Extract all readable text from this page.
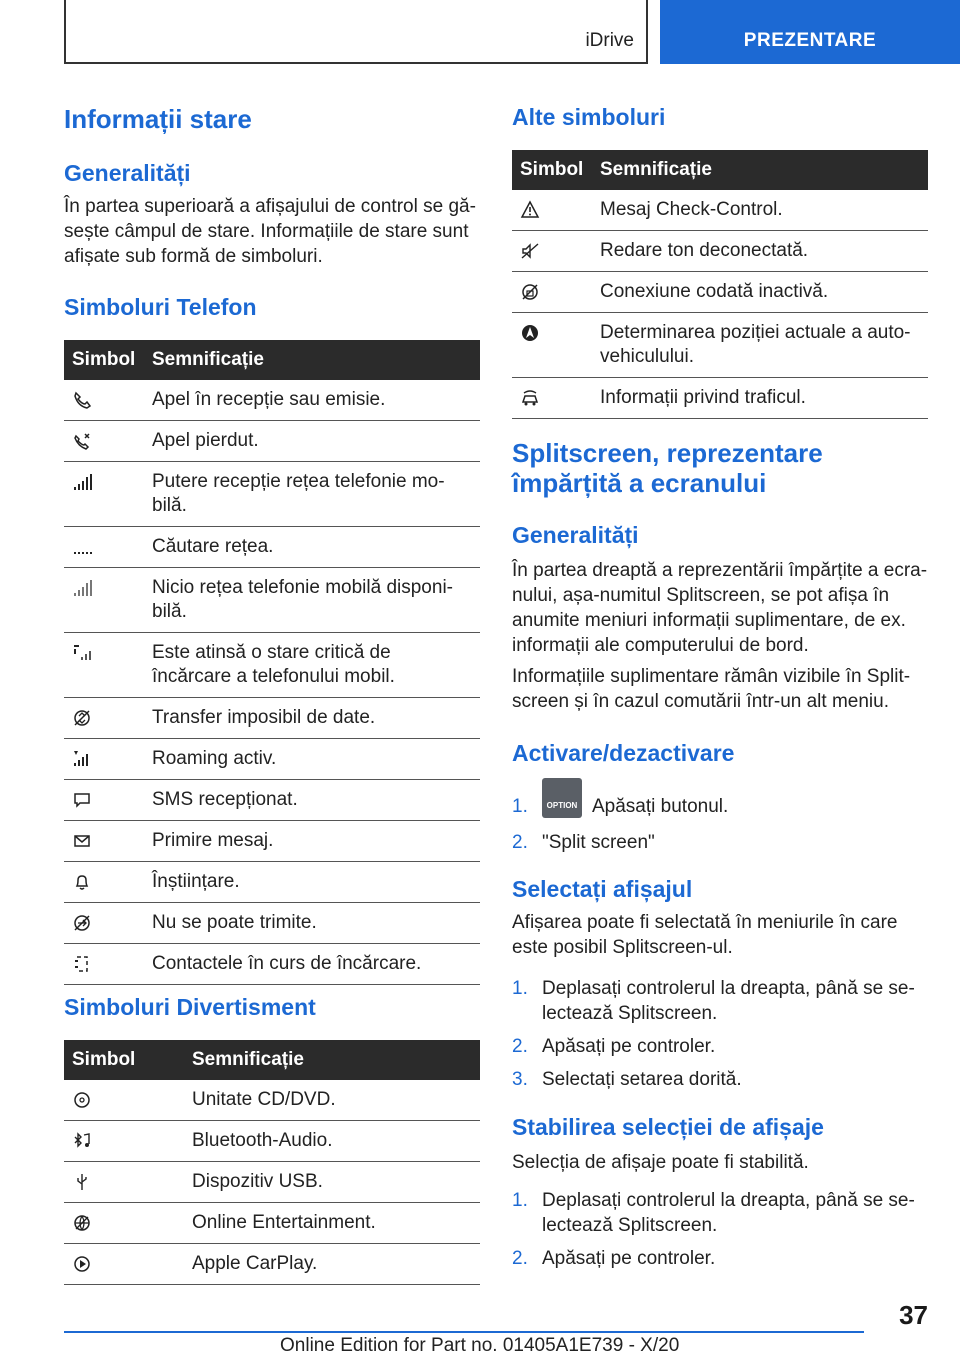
iDrive	PREZENTARE
Informații stare
Generalități

În partea superioară a afișajului de control se gă-sește câmpul de stare. Informațiile de stare sunt afișate sub formă de simboluri.

Simboluri Telefon
Simbol	Semnificație

	Apel în recepție sau emisie.

	Apel pierdut.

	Putere recepție rețea telefonie mo-bilă.

	Căutare rețea.

	Nicio rețea telefonie mobilă disponi-bilă.

	Este atinsă o stare critică de încărcare a telefonului mobil.

	Transfer imposibil de date.

	Roaming activ.

	SMS recepționat.

	Primire mesaj.

	Înștiințare.

	Nu se poate trimite.

	Contactele în curs de încărcare.
Simboluri Divertisment
Simbol	Semnificație

	Unitate CD/DVD.

	Bluetooth-Audio.

	Dispozitiv USB.

	Online Entertainment.

	Apple CarPlay.
Alte simboluri
Simbol	Semnificație

	Mesaj Check-Control.

	Redare ton deconectată.

	Conexiune codată inactivă.

	Determinarea poziției actuale a auto-vehiculului.

	Informații privind traficul.
Splitscreen, reprezentare
împărțită a ecranului
Generalități

În partea dreaptă a reprezentării împărțite a ecra-nului, așa-numitul Splitscreen, se pot afișa în anumite meniuri informații suplimentare, de ex. informații ale computerului de bord.

Informațiile suplimentare rămân vizibile în Split-screen și în cazul comutării într-un alt meniu.

Activare/dezactivare
1.	OPTION Apăsați butonul.
2. "Split screen"
Selectați afișajul

Afișarea poate fi selectată în meniurile în care este posibil Splitscreen-ul.

1. Deplasați controlerul la dreapta, până se se-lectează Splitscreen.
2. Apăsați pe controler.
3. Selectați setarea dorită.
Stabilirea selecției de afișaje

Selecția de afișaje poate fi stabilită.

1. Deplasați controlerul la dreapta, până se se-lectează Splitscreen.
2. Apăsați pe controler.
37
Online Edition for Part no. 01405A1E739 - X/20
